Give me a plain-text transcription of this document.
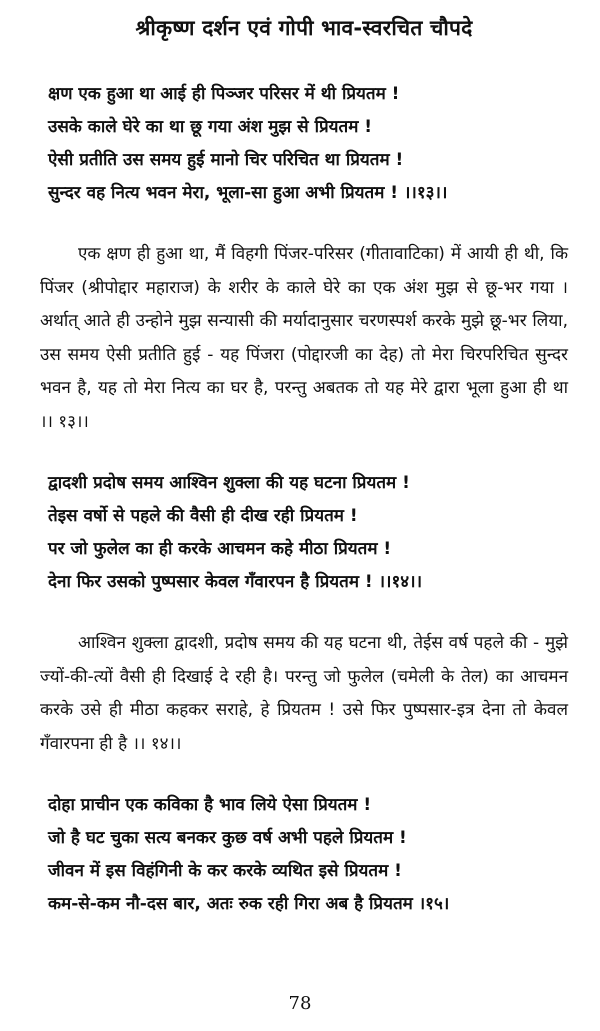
श्रीकृष्ण दर्शन एवं गोपी भाव-स्वरचित चौपदे
क्षण एक हुआ था आई ही पिञ्जर परिसर में थी प्रियतम !
उसके काले घेरे का था छू गया अंश मुझ से प्रियतम !
ऐसी प्रतीति उस समय हुई मानो चिर परिचित था प्रियतम !
सुन्दर वह नित्य भवन मेरा, भूला-सा हुआ अभी प्रियतम ! ।।१३।।
एक क्षण ही हुआ था, मैं विहगी पिंजर-परिसर (गीतावाटिका) में आयी ही थी, कि पिंजर (श्रीपोद्दार महाराज) के शरीर के काले घेरे का एक अंश मुझ से छू-भर गया । अर्थात् आते ही उन्होने मुझ सन्यासी की मर्यादानुसार चरणस्पर्श करके मुझे छू-भर लिया, उस समय ऐसी प्रतीति हुई - यह पिंजरा (पोद्दारजी का देह) तो मेरा चिरपरिचित सुन्दर भवन है, यह तो मेरा नित्य का घर है, परन्तु अबतक तो यह मेरे द्वारा भूला हुआ ही था ।। १३।।
द्वादशी प्रदोष समय आश्विन शुक्ला की यह घटना प्रियतम !
तेइस वर्षो से पहले की वैसी ही दीख रही प्रियतम !
पर जो फुलेल का ही करके आचमन कहे मीठा प्रियतम !
देना फिर उसको पुष्पसार केवल गँवारपन है प्रियतम ! ।।१४।।
आश्विन शुक्ला द्वादशी, प्रदोष समय की यह घटना थी, तेईस वर्ष पहले की - मुझे ज्यों-की-त्यों वैसी ही दिखाई दे रही है। परन्तु जो फुलेल (चमेली के तेल) का आचमन करके उसे ही मीठा कहकर सराहे, हे प्रियतम ! उसे फिर पुष्पसार-इत्र देना तो केवल गँवारपना ही है ।। १४।।
दोहा प्राचीन एक कविका है भाव लिये ऐसा प्रियतम !
जो है घट चुका सत्य बनकर कुछ वर्ष अभी पहले प्रियतम !
जीवन में इस विहंगिनी के कर करके व्यथित इसे प्रियतम !
कम-से-कम नौ-दस बार, अतः रुक रही गिरा अब है प्रियतम ।१५।
78
